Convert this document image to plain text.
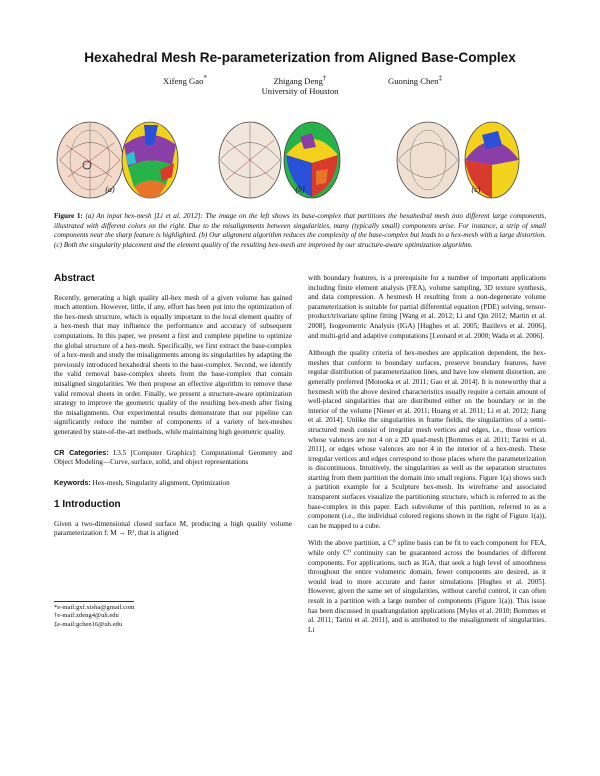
Hexahedral Mesh Re-parameterization from Aligned Base-Complex
Xifeng Gao*	Zhigang Deng†	Guoning Chen‡
University of Houston
(a)	(b)	(c)
Figure 1: (a) An input hex-mesh [Li et al. 2012]: The image on the left shows its base-complex that partitions the hexahedral mesh into different large components, illustrated with different colors on the right. Due to the misalignments between singularities, many (typically small) components arise. For instance, a strip of small components near the sharp feature is highlighted. (b) Our alignment algorithm reduces the complexity of the base-complex but leads to a hex-mesh with a large distortion. (c) Both the singularity placement and the element quality of the resulting hex-mesh are improved by our structure-aware optimization algorithm.
Abstract

Recently, generating a high quality all-hex mesh of a given volume has gained much attention. However, little, if any, effort has been put into the optimization of the hex-mesh structure, which is equally important to the local element quality of a hex-mesh that may influence the performance and accuracy of subsequent computations. In this paper, we present a first and complete pipeline to optimize the global structure of a hex-mesh. Specifically, we first extract the base-complex of a hex-mesh and study the misalignments among its singularities by adapting the previously introduced hexahedral sheets to the base-complex. Second, we identify the valid removal base-complex sheets from the base-complex that contain misaligned singularities. We then propose an effective algorithm to remove these valid removal sheets in order. Finally, we present a structure-aware optimization strategy to improve the geometric quality of the resulting hex-mesh after fixing the misalignments. Our experimental results demonstrate that our pipeline can significantly reduce the number of components of a variety of hex-meshes generated by state-of-the-art methods, while maintaining high geometric quality.

CR Categories: I.3.5 [Computer Graphics]: Computational Geometry and Object Modeling—Curve, surface, solid, and object representations

Keywords: Hex-mesh, Singularity alignment, Optimization

1 Introduction

Given a two-dimensional closed surface M, producing a high quality volume parameterization f: M → R³, that is aligned

*e-mail:gxf.xisha@gmail.com
†e-mail:zdeng4@uh.edu
‡e-mail:gchen16@uh.edu

with boundary features, is a prerequisite for a number of important applications including finite element analysis (FEA), volume sampling, 3D texture synthesis, and data compression. A hexmesh H resulting from a non-degenerate volume parameterization is suitable for partial differential equation (PDE) solving, tensor-product/trivariate spline fitting [Wang et al. 2012; Li and Qin 2012; Martin et al. 2008], Isogeometric Analysis (IGA) [Hughes et al. 2005; Bazilevs et al. 2006], and multi-grid and adaptive computations [Leonard et al. 2000; Wada et al. 2006].

Although the quality criteria of hex-meshes are application dependent, the hex-meshes that conform to boundary surfaces, preserve boundary features, have regular distribution of parameterization lines, and have low element distortion, are generally preferred [Motooka et al. 2011; Gao et al. 2014]. It is noteworthy that a hexmesh with the above desired characteristics usually require a certain amount of well-placed singularities that are distributed either on the boundary or in the interior of the volume [Nieser et al. 2011; Huang et al. 2011; Li et al. 2012; Jiang et al. 2014]. Unlike the singularities in frame fields, the singularities of a semi-structured mesh consist of irregular mesh vertices and edges, i.e., those vertices whose valences are not 4 on a 2D quad-mesh [Bommes et al. 2011; Tarini et al. 2011], or edges whose valences are not 4 in the interior of a hex-mesh. These irregular vertices and edges correspond to those places where the parameterization is discontinuous. Intuitively, the singularities as well as the separation structures starting from them partition the domain into small regions. Figure 1(a) shows such a partition example for a Sculpture hex-mesh. Its wireframe and associated transparent surfaces visualize the partitioning structure, which is referred to as the base-complex in this paper. Each subvolume of this partition, referred to as a component (i.e., the individual colored regions shown in the right of Figure 1(a)), can be mapped to a cube.

With the above partition, a C⁰ spline basis can be fit to each component for FEA, while only C⁰ continuity can be guaranteed across the boundaries of different components. For applications, such as IGA, that seek a high level of smoothness throughout the entire volumetric domain, fewer components are desired, as it would lead to more accurate and faster simulations [Hughes et al. 2005]. However, given the same set of singularities, without careful control, it can often result in a partition with a large number of components (Figure 1(a)). This issue has been discussed in quadrangulation applications [Myles et al. 2010; Bommes et al. 2011; Tarini et al. 2011], and is attributed to the misalignment of singularities. Li
